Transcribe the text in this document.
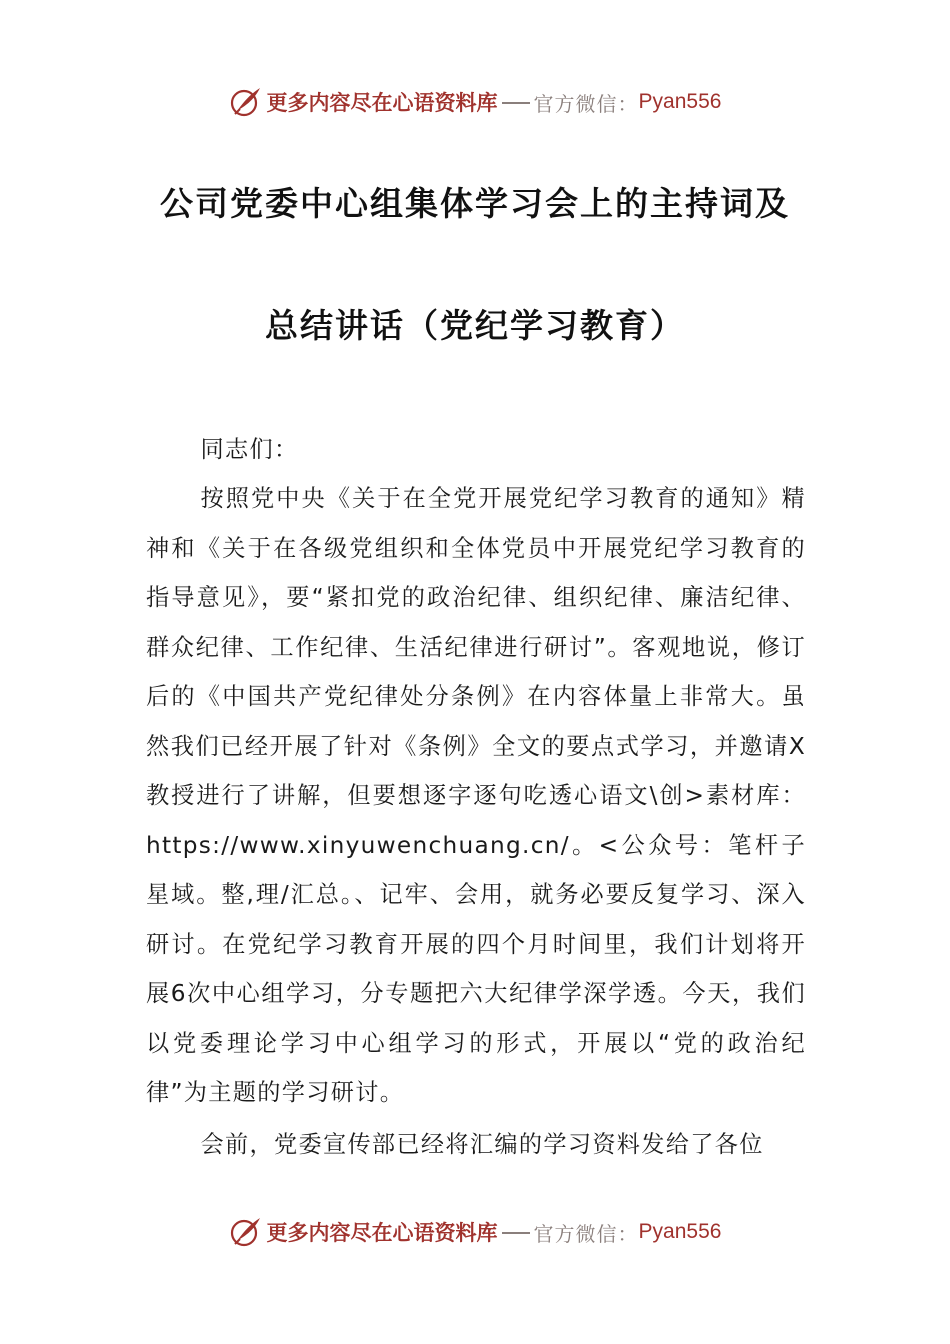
更多内容尽在心语资料库 官方微信： Pyan556
公司党委中心组集体学习会上的主持词及
总结讲话（党纪学习教育）
同志们：
按照党中央《关于在全党开展党纪学习教育的通知》精神和《关于在各级党组织和全体党员中开展党纪学习教育的指导意见》，要“紧扣党的政治纪律、组织纪律、廉洁纪律、群众纪律、工作纪律、生活纪律进行研讨”。客观地说，修订后的《中国共产党纪律处分条例》在内容体量上非常大。虽然我们已经开展了针对《条例》全文的要点式学习，并邀请X教授进行了讲解，但要想逐字逐句吃透心语文\创>素材库：https://www.xinyuwenchuang.cn/。<公众号：笔杆子星域。整,理/汇总。、记牢、会用，就务必要反复学习、深入研讨。在党纪学习教育开展的四个月时间里，我们计划将开展6次中心组学习，分专题把六大纪律学深学透。今天，我们以党委理论学习中心组学习的形式，开展以“党的政治纪律”为主题的学习研讨。
会前，党委宣传部已经将汇编的学习资料发给了各位
更多内容尽在心语资料库 官方微信： Pyan556
